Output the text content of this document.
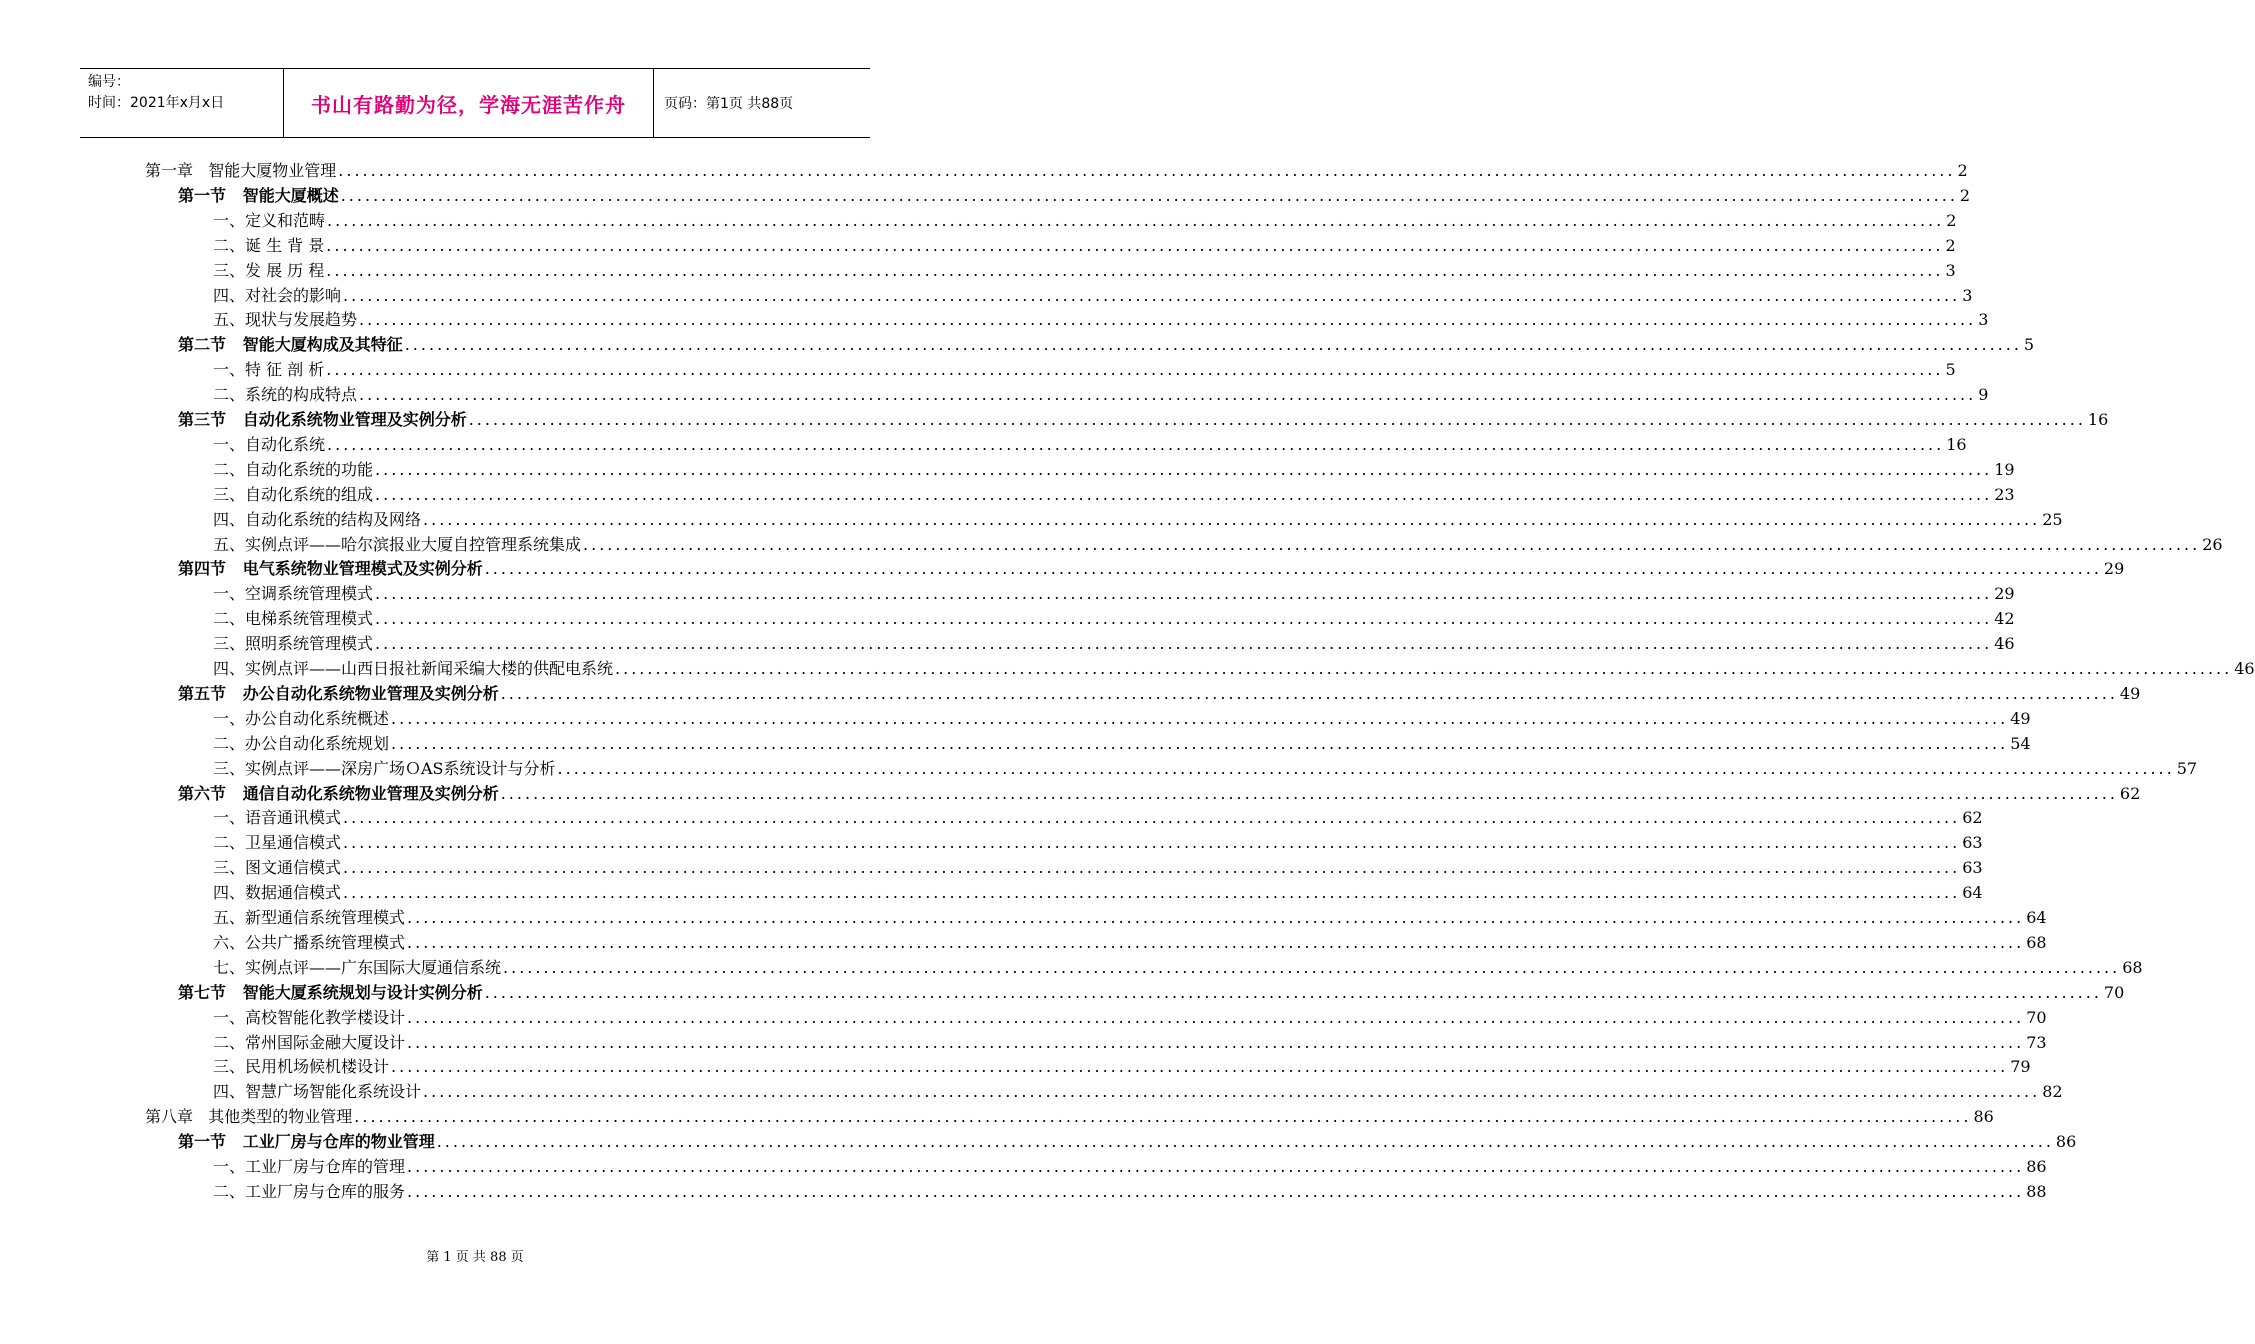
编号：
时间：2021年x月x日	书山有路勤为径，学海无涯苦作舟	页码：第1页 共88页
第一章   智能大厦物业管理 ........................................................................................................................................................................................................ 2
第一节   智能大厦概述 ........................................................................................................................................................................................................ 2
一、定义和范畴 ........................................................................................................................................................................................................ 2
二、诞 生 背 景 ........................................................................................................................................................................................................ 2
三、发 展 历 程 ........................................................................................................................................................................................................ 3
四、对社会的影响 ........................................................................................................................................................................................................ 3
五、现状与发展趋势 ........................................................................................................................................................................................................ 3
第二节   智能大厦构成及其特征 ........................................................................................................................................................................................................ 5
一、特 征 剖 析 ........................................................................................................................................................................................................ 5
二、系统的构成特点 ........................................................................................................................................................................................................ 9
第三节   自动化系统物业管理及实例分析 ........................................................................................................................................................................................................ 16
一、自动化系统 ........................................................................................................................................................................................................ 16
二、自动化系统的功能 ........................................................................................................................................................................................................ 19
三、自动化系统的组成 ........................................................................................................................................................................................................ 23
四、自动化系统的结构及网络 ........................................................................................................................................................................................................ 25
五、实例点评——哈尔滨报业大厦自控管理系统集成 ........................................................................................................................................................................................................ 26
第四节   电气系统物业管理模式及实例分析 ........................................................................................................................................................................................................ 29
一、空调系统管理模式 ........................................................................................................................................................................................................ 29
二、电梯系统管理模式 ........................................................................................................................................................................................................ 42
三、照明系统管理模式 ........................................................................................................................................................................................................ 46
四、实例点评——山西日报社新闻采编大楼的供配电系统 ........................................................................................................................................................................................................ 46
第五节   办公自动化系统物业管理及实例分析 ........................................................................................................................................................................................................ 49
一、办公自动化系统概述 ........................................................................................................................................................................................................ 49
二、办公自动化系统规划 ........................................................................................................................................................................................................ 54
三、实例点评——深房广场ＯAS系统设计与分析 ........................................................................................................................................................................................................ 57
第六节   通信自动化系统物业管理及实例分析 ........................................................................................................................................................................................................ 62
一、语音通讯模式 ........................................................................................................................................................................................................ 62
二、卫星通信模式 ........................................................................................................................................................................................................ 63
三、图文通信模式 ........................................................................................................................................................................................................ 63
四、数据通信模式 ........................................................................................................................................................................................................ 64
五、新型通信系统管理模式 ........................................................................................................................................................................................................ 64
六、公共广播系统管理模式 ........................................................................................................................................................................................................ 68
七、实例点评——广东国际大厦通信系统 ........................................................................................................................................................................................................ 68
第七节   智能大厦系统规划与设计实例分析 ........................................................................................................................................................................................................ 70
一、高校智能化教学楼设计 ........................................................................................................................................................................................................ 70
二、常州国际金融大厦设计 ........................................................................................................................................................................................................ 73
三、民用机场候机楼设计 ........................................................................................................................................................................................................ 79
四、智慧广场智能化系统设计 ........................................................................................................................................................................................................ 82
第八章   其他类型的物业管理 ........................................................................................................................................................................................................ 86
第一节   工业厂房与仓库的物业管理 ........................................................................................................................................................................................................ 86
一、工业厂房与仓库的管理 ........................................................................................................................................................................................................ 86
二、工业厂房与仓库的服务 ........................................................................................................................................................................................................ 88
第 1 页 共 88 页
